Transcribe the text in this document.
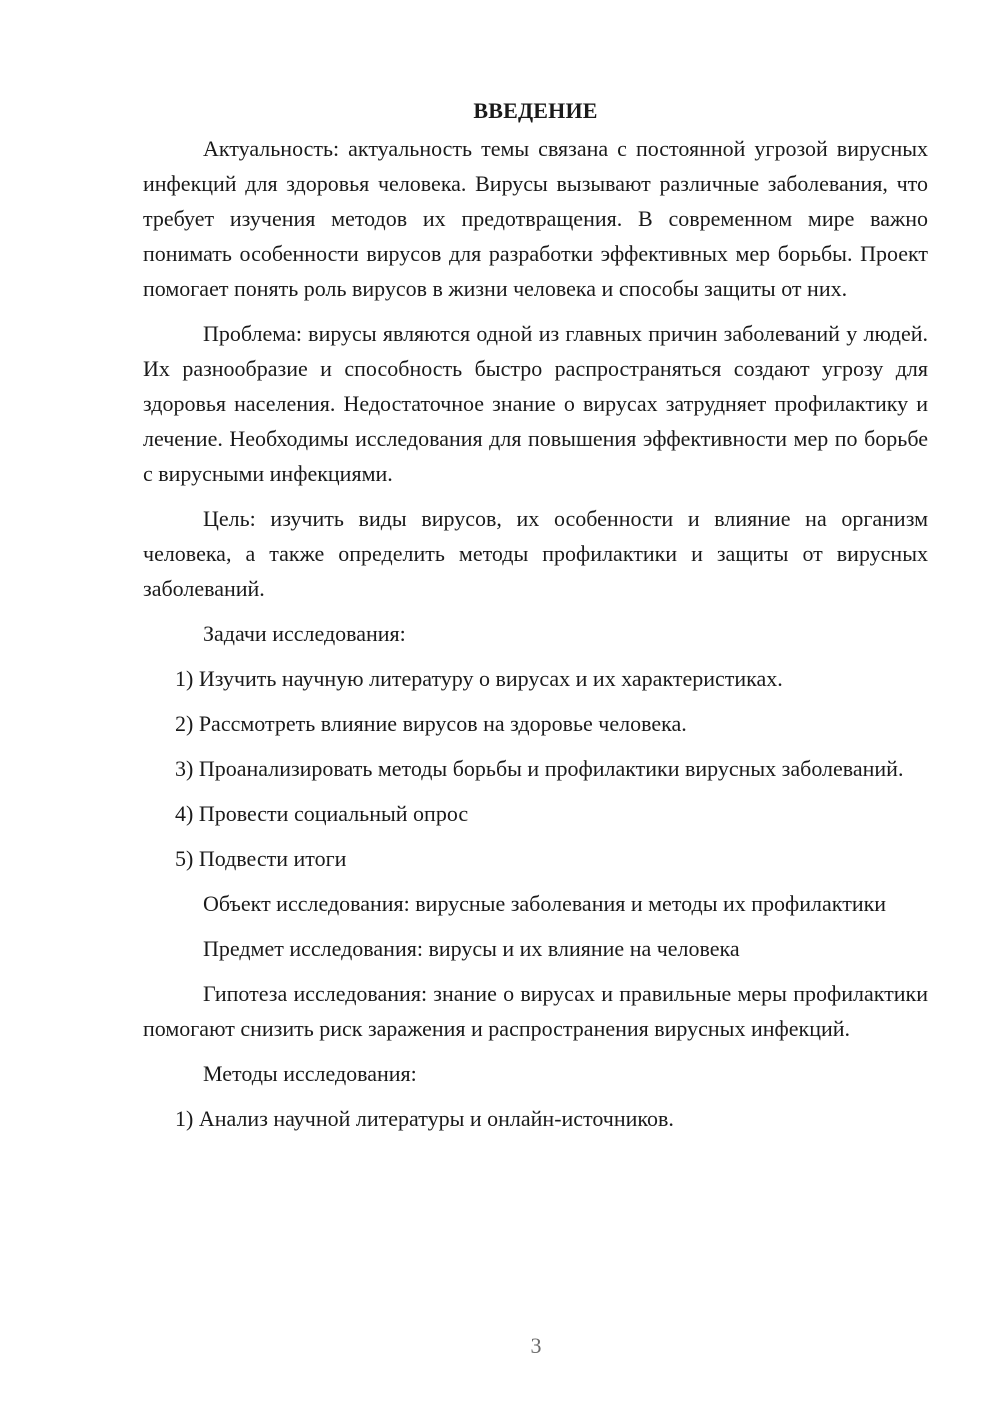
ВВЕДЕНИЕ

Актуальность: актуальность темы связана с постоянной угрозой вирусных инфекций для здоровья человека. Вирусы вызывают различные заболевания, что требует изучения методов их предотвращения. В современном мире важно понимать особенности вирусов для разработки эффективных мер борьбы. Проект помогает понять роль вирусов в жизни человека и способы защиты от них.

Проблема: вирусы являются одной из главных причин заболеваний у людей. Их разнообразие и способность быстро распространяться создают угрозу для здоровья населения. Недостаточное знание о вирусах затрудняет профилактику и лечение. Необходимы исследования для повышения эффективности мер по борьбе с вирусными инфекциями.

Цель: изучить виды вирусов, их особенности и влияние на организм человека, а также определить методы профилактики и защиты от вирусных заболеваний.

Задачи исследования:

1) Изучить научную литературу о вирусах и их характеристиках.

2) Рассмотреть влияние вирусов на здоровье человека.

3) Проанализировать методы борьбы и профилактики вирусных заболеваний.

4) Провести социальный опрос

5) Подвести итоги

Объект исследования: вирусные заболевания и методы их профилактики

Предмет исследования: вирусы и их влияние на человека

Гипотеза исследования: знание о вирусах и правильные меры профилактики помогают снизить риск заражения и распространения вирусных инфекций.

Методы исследования:

1) Анализ научной литературы и онлайн-источников.

3
